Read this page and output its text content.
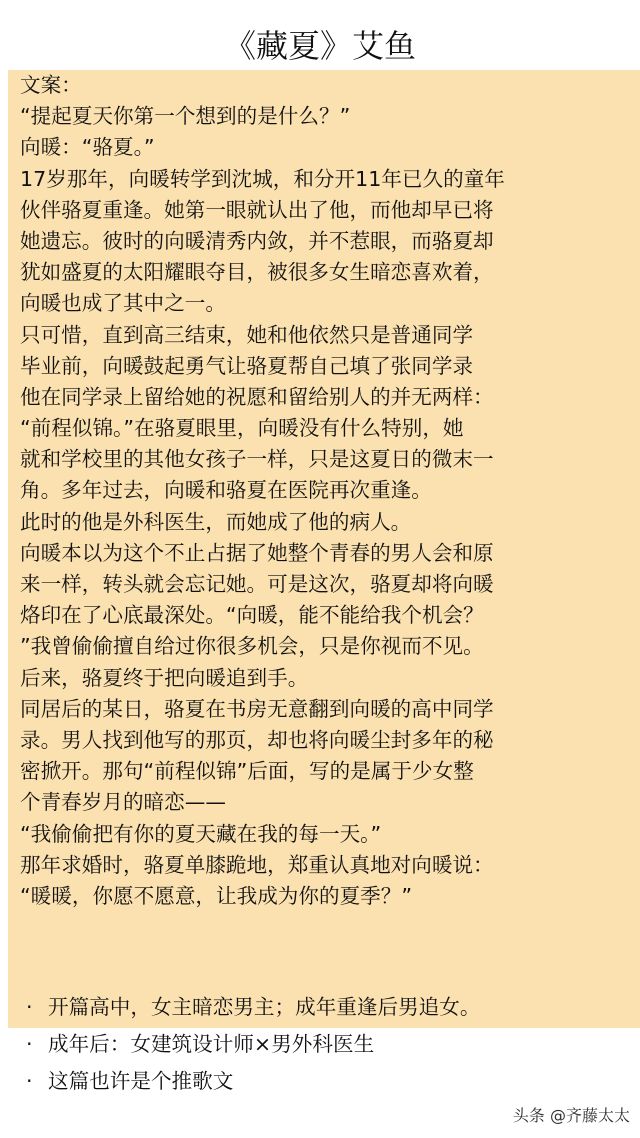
《藏夏》艾鱼
文案：
“提起夏天你第一个想到的是什么？”
向暖：“骆夏。”
17岁那年，向暖转学到沈城，和分开11年已久的童年
伙伴骆夏重逢。她第一眼就认出了他，而他却早已将
她遗忘。彼时的向暖清秀内敛，并不惹眼，而骆夏却
犹如盛夏的太阳耀眼夺目，被很多女生暗恋喜欢着，
向暖也成了其中之一。
只可惜，直到高三结束，她和他依然只是普通同学
毕业前，向暖鼓起勇气让骆夏帮自己填了张同学录
他在同学录上留给她的祝愿和留给别人的并无两样：
“前程似锦。”在骆夏眼里，向暖没有什么特别，她
就和学校里的其他女孩子一样，只是这夏日的微末一
角。多年过去，向暖和骆夏在医院再次重逢。
此时的他是外科医生，而她成了他的病人。
向暖本以为这个不止占据了她整个青春的男人会和原
来一样，转头就会忘记她。可是这次，骆夏却将向暖
烙印在了心底最深处。“向暖，能不能给我个机会？
”我曾偷偷擅自给过你很多机会，只是你视而不见。
后来，骆夏终于把向暖追到手。
同居后的某日，骆夏在书房无意翻到向暖的高中同学
录。男人找到他写的那页，却也将向暖尘封多年的秘
密掀开。那句“前程似锦”后面，写的是属于少女整
个青春岁月的暗恋——
“我偷偷把有你的夏天藏在我的每一天。”
那年求婚时，骆夏单膝跪地，郑重认真地对向暖说：
“暖暖，你愿不愿意，让我成为你的夏季？”
· 开篇高中，女主暗恋男主；成年重逢后男追女。
· 成年后：女建筑设计师×男外科医生
· 这篇也许是个推歌文
头条 @齐藤太太
